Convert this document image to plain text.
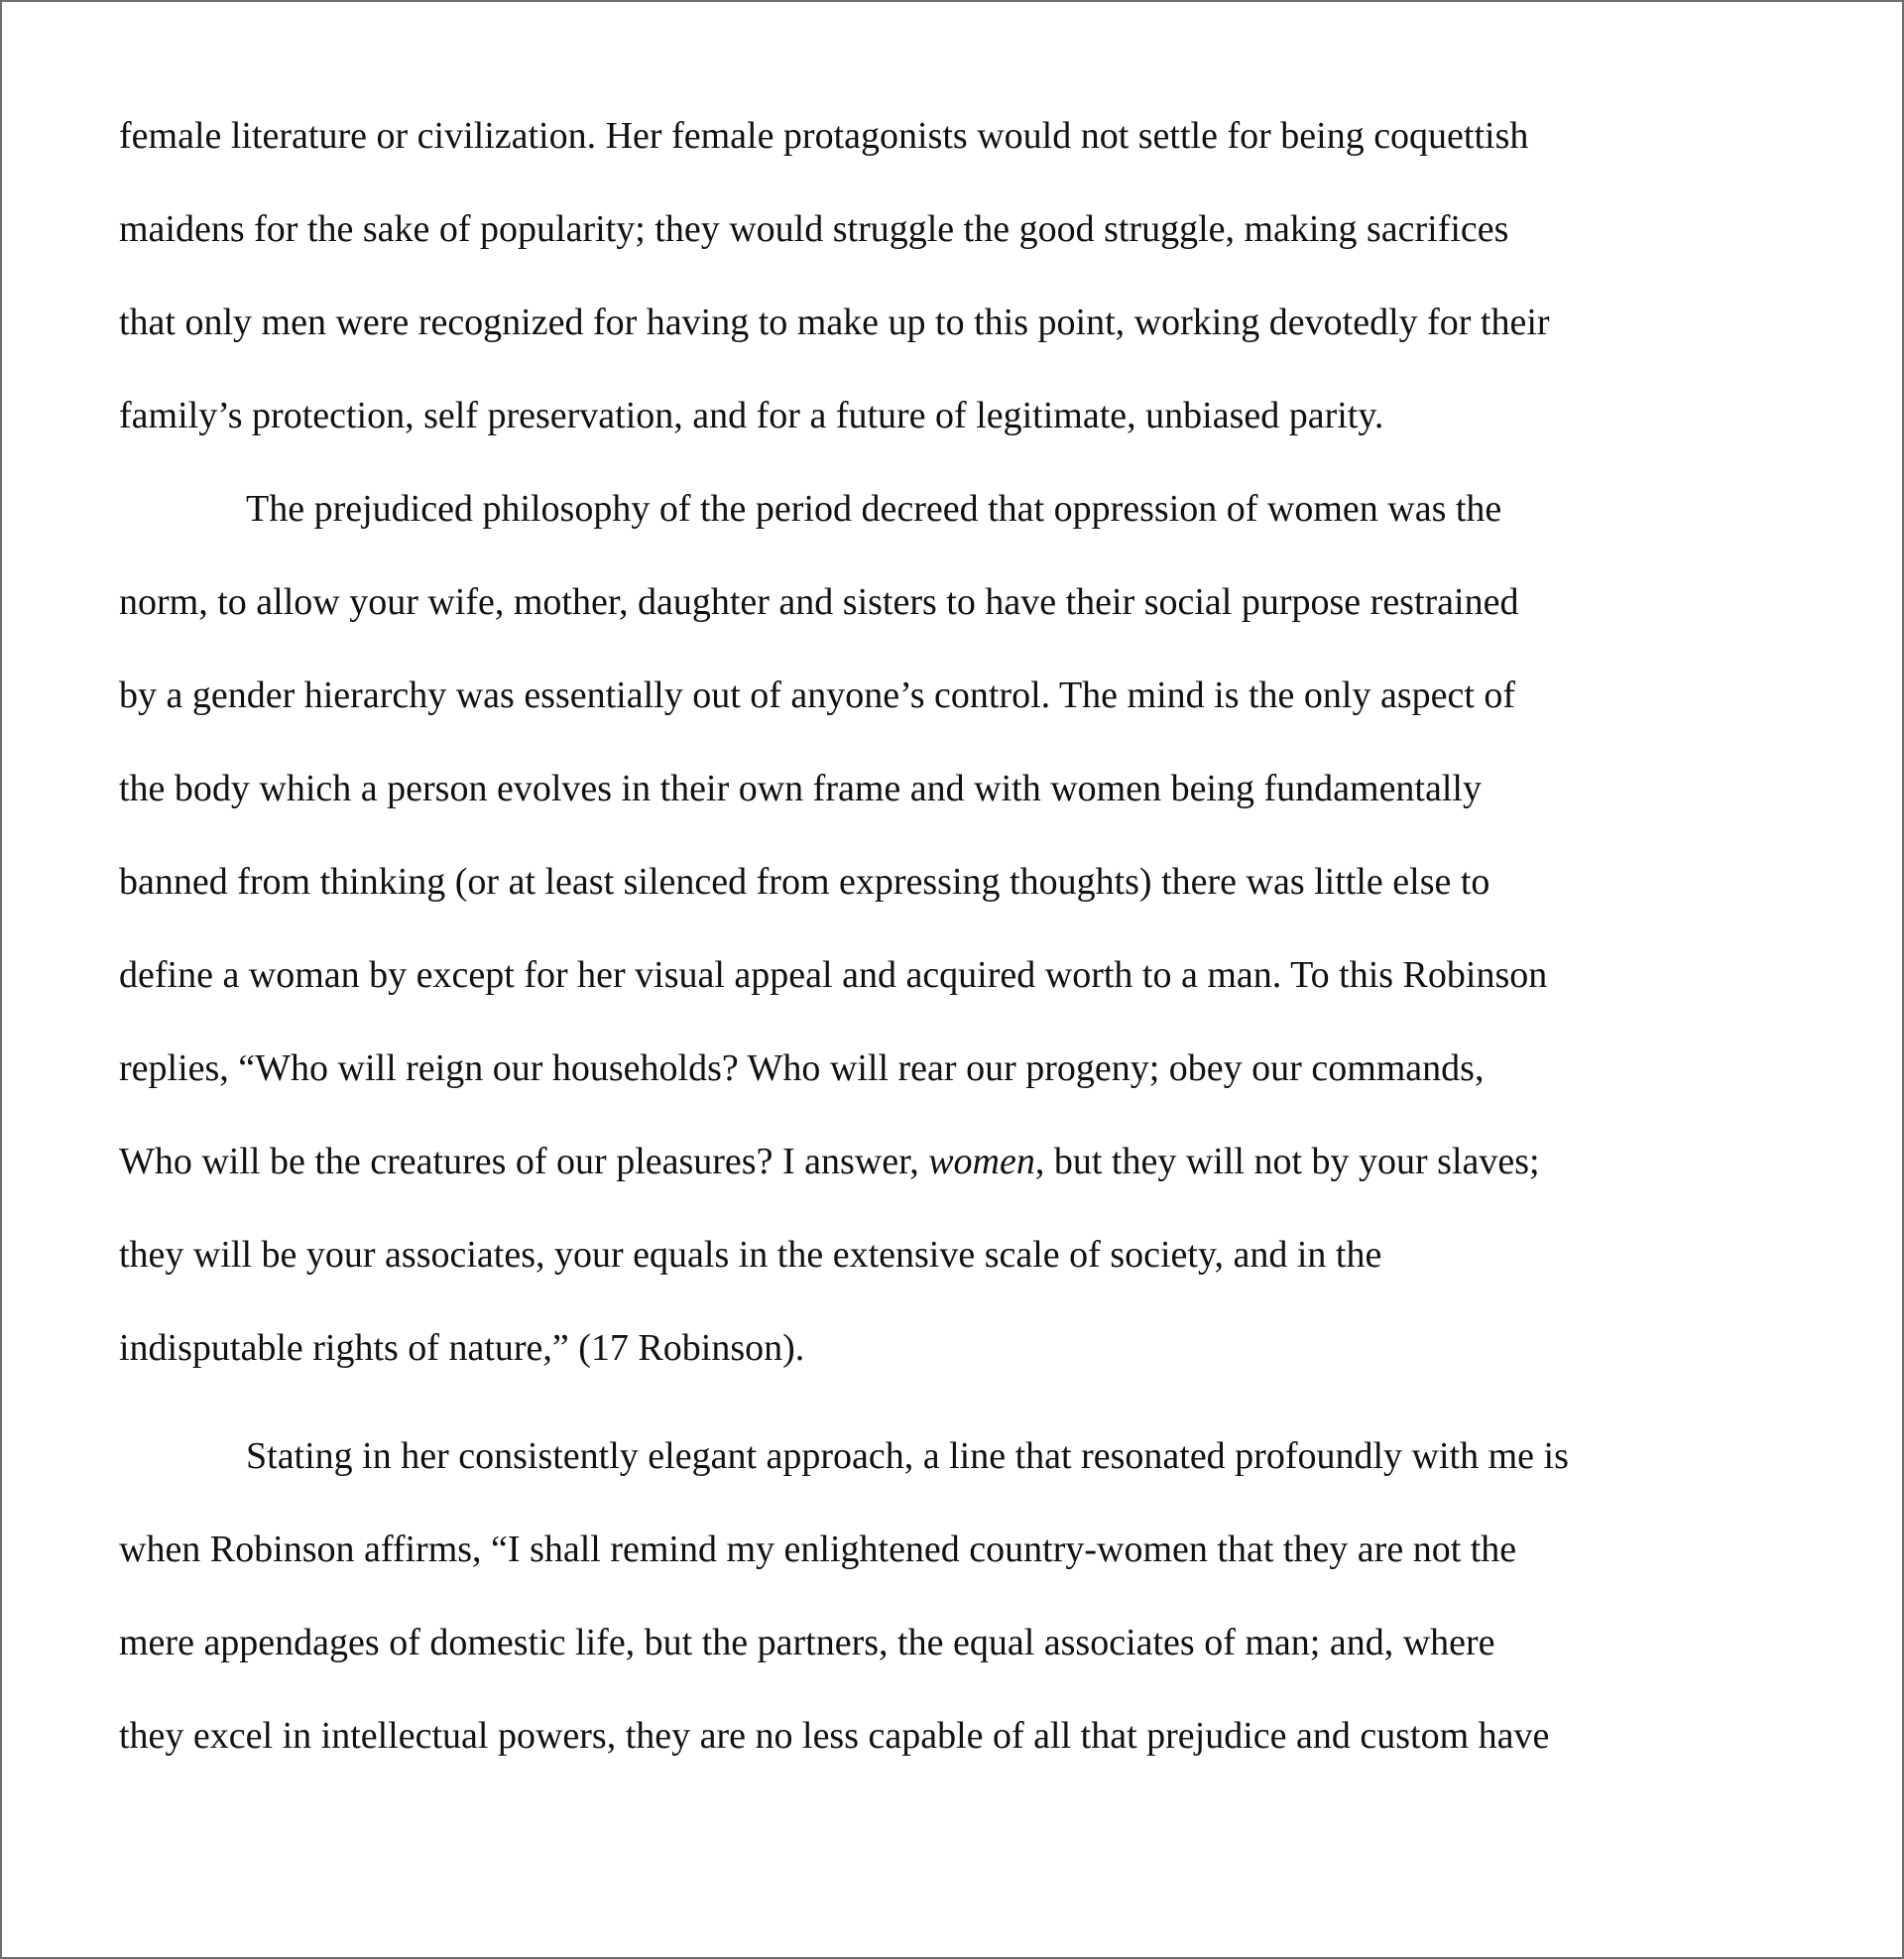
female literature or civilization. Her female protagonists would not settle for being coquettish
maidens for the sake of popularity; they would struggle the good struggle, making sacrifices
that only men were recognized for having to make up to this point, working devotedly for their
family’s protection, self preservation, and for a future of legitimate, unbiased parity.
The prejudiced philosophy of the period decreed that oppression of women was the
norm, to allow your wife, mother, daughter and sisters to have their social purpose restrained
by a gender hierarchy was essentially out of anyone’s control. The mind is the only aspect of
the body which a person evolves in their own frame and with women being fundamentally
banned from thinking (or at least silenced from expressing thoughts) there was little else to
define a woman by except for her visual appeal and acquired worth to a man. To this Robinson
replies, “Who will reign our households? Who will rear our progeny; obey our commands,
Who will be the creatures of our pleasures? I answer, women, but they will not by your slaves;
they will be your associates, your equals in the extensive scale of society, and in the
indisputable rights of nature,” (17 Robinson).
Stating in her consistently elegant approach, a line that resonated profoundly with me is
when Robinson affirms, “I shall remind my enlightened country-women that they are not the
mere appendages of domestic life, but the partners, the equal associates of man; and, where
they excel in intellectual powers, they are no less capable of all that prejudice and custom have
